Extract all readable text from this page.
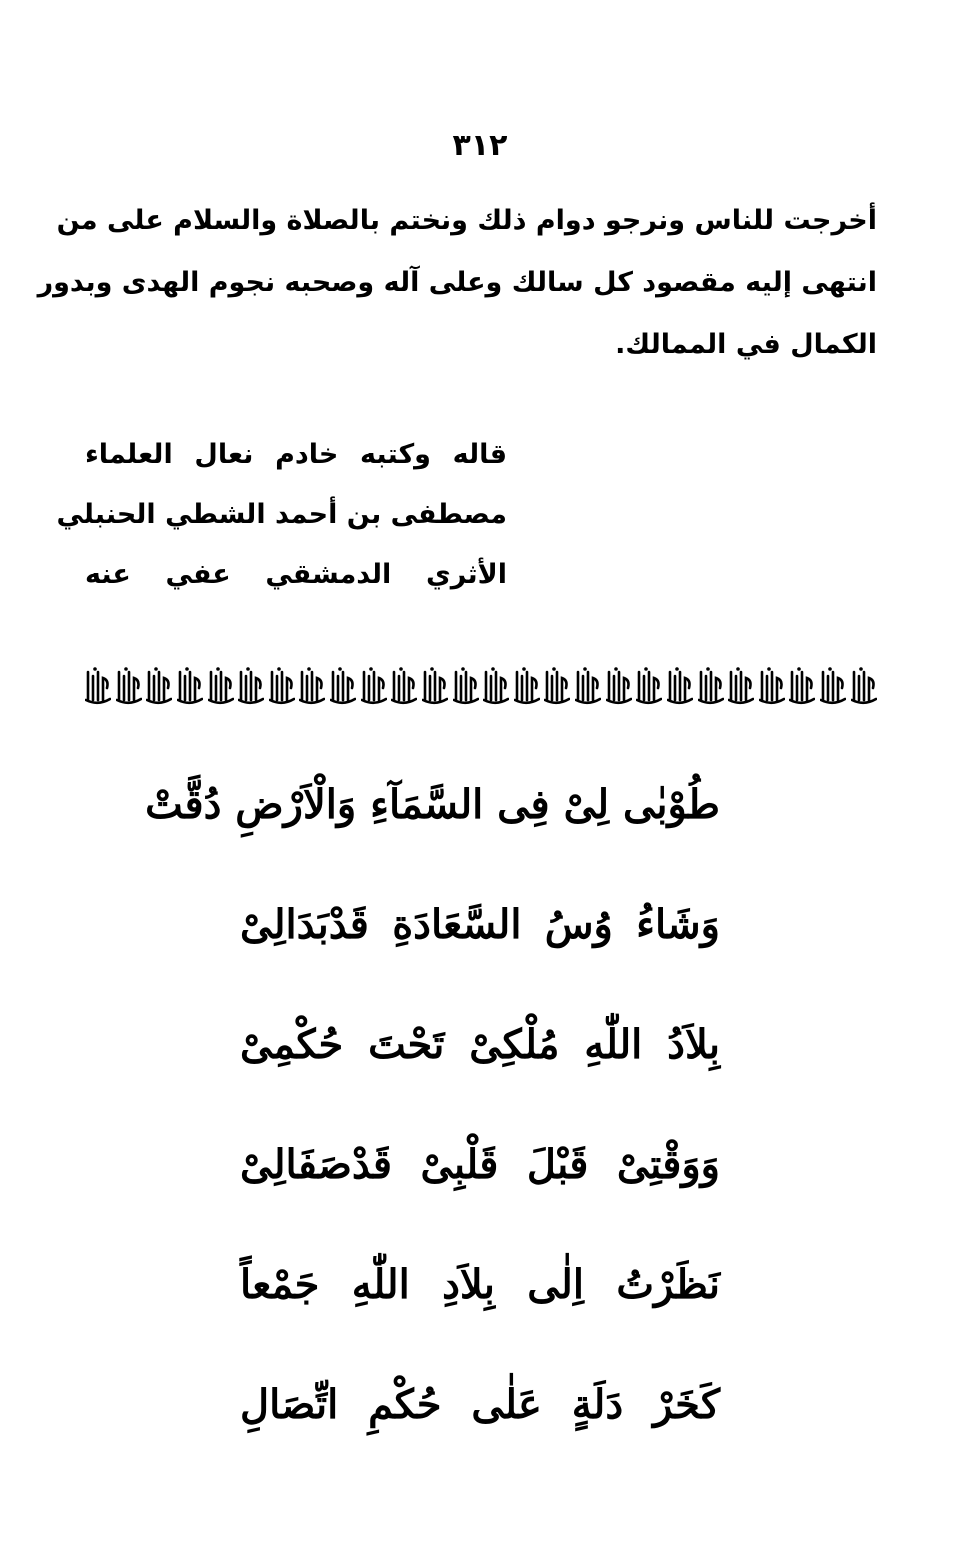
۳۱۲
أخرجت للناس ونرجو دوام ذلك ونختم بالصلاة والسلام على من
انتهى إليه مقصود كل سالك وعلى آله وصحبه نجوم الهدى وبدور
الكمال في الممالك.
قاله وكتبه خادم نعال العلماء
مصطفى بن أحمد الشطي الحنبلي
الأثري الدمشقي عفي عنه
طُوْبٰى لِىْ فِى السَّمَآءِ وَالْاَرْضِ دُقَّتْ
وَشَاءُ وُسُ السَّعَادَةِ قَدْبَدَالِىْ
بِلاَدُ اللّٰهِ مُلْكِىْ تَحْتَ حُكْمِىْ
وَوَقْتِىْ قَبْلَ قَلْبِىْ قَدْصَفَالِىْ
نَظَرْتُ اِلٰى بِلاَدِ اللّٰهِ جَمْعاً
كَخَرْ دَلَةٍ عَلٰى حُكْمِ اتِّصَالِ
